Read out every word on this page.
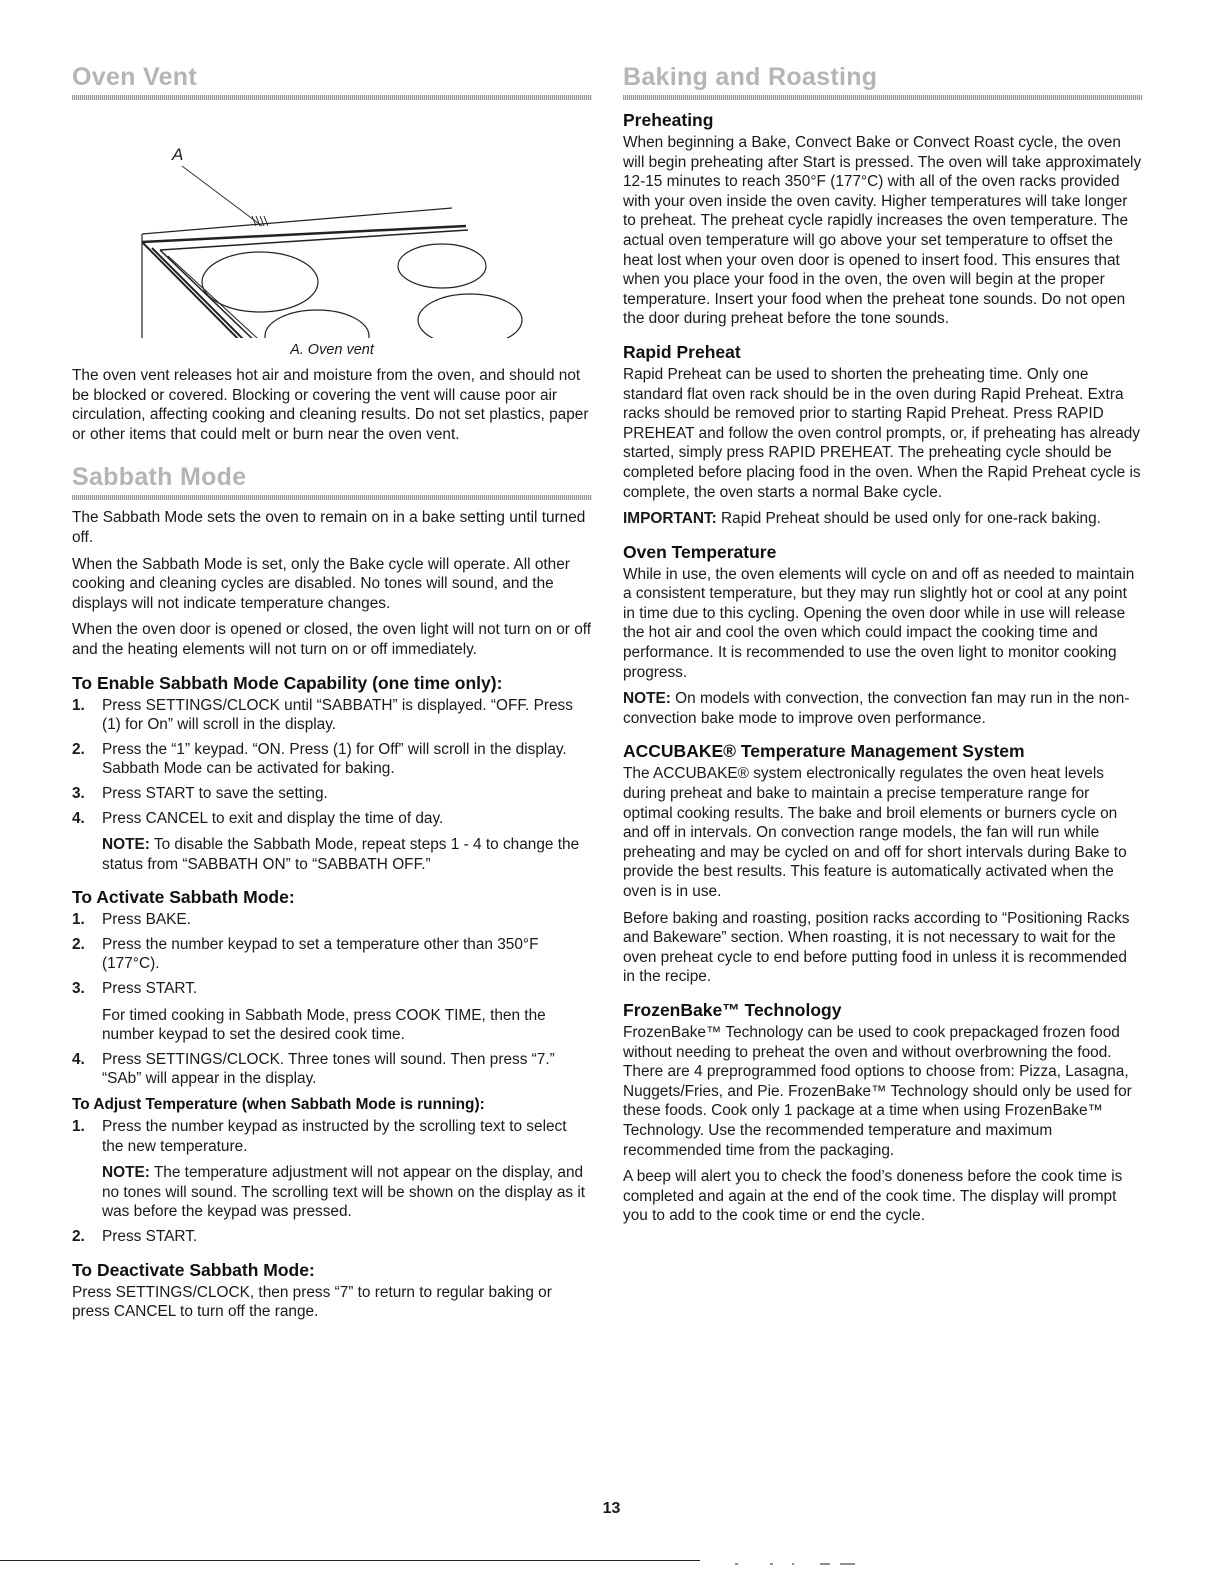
Oven Vent
A
A. Oven vent

The oven vent releases hot air and moisture from the oven, and should not be blocked or covered. Blocking or covering the vent will cause poor air circulation, affecting cooking and cleaning results. Do not set plastics, paper or other items that could melt or burn near the oven vent.

Sabbath Mode

The Sabbath Mode sets the oven to remain on in a bake setting until turned off.

When the Sabbath Mode is set, only the Bake cycle will operate. All other cooking and cleaning cycles are disabled. No tones will sound, and the displays will not indicate temperature changes.

When the oven door is opened or closed, the oven light will not turn on or off and the heating elements will not turn on or off immediately.

To Enable Sabbath Mode Capability (one time only):
1. Press SETTINGS/CLOCK until “SABBATH” is displayed. “OFF. Press (1) for On” will scroll in the display.

2. Press the “1” keypad. “ON. Press (1) for Off” will scroll in the display. Sabbath Mode can be activated for baking.

3. Press START to save the setting.

4. Press CANCEL to exit and display the time of day.

NOTE: To disable the Sabbath Mode, repeat steps 1 - 4 to change the status from “SABBATH ON” to “SABBATH OFF.”

To Activate Sabbath Mode:
1. Press BAKE.

2. Press the number keypad to set a temperature other than 350°F (177°C).

3. Press START.

For timed cooking in Sabbath Mode, press COOK TIME, then the number keypad to set the desired cook time.

4. Press SETTINGS/CLOCK. Three tones will sound. Then press “7.” “SAb” will appear in the display.

To Adjust Temperature (when Sabbath Mode is running):
1. Press the number keypad as instructed by the scrolling text to select the new temperature.

NOTE: The temperature adjustment will not appear on the display, and no tones will sound. The scrolling text will be shown on the display as it was before the keypad was pressed.

2. Press START.

To Deactivate Sabbath Mode:

Press SETTINGS/CLOCK, then press “7” to return to regular baking or press CANCEL to turn off the range.

Baking and Roasting
Preheating

When beginning a Bake, Convect Bake or Convect Roast cycle, the oven will begin preheating after Start is pressed. The oven will take approximately 12-15 minutes to reach 350°F (177°C) with all of the oven racks provided with your oven inside the oven cavity. Higher temperatures will take longer to preheat. The preheat cycle rapidly increases the oven temperature. The actual oven temperature will go above your set temperature to offset the heat lost when your oven door is opened to insert food. This ensures that when you place your food in the oven, the oven will begin at the proper temperature. Insert your food when the preheat tone sounds. Do not open the door during preheat before the tone sounds.

Rapid Preheat

Rapid Preheat can be used to shorten the preheating time. Only one standard flat oven rack should be in the oven during Rapid Preheat. Extra racks should be removed prior to starting Rapid Preheat. Press RAPID PREHEAT and follow the oven control prompts, or, if preheating has already started, simply press RAPID PREHEAT. The preheating cycle should be completed before placing food in the oven. When the Rapid Preheat cycle is complete, the oven starts a normal Bake cycle.

IMPORTANT: Rapid Preheat should be used only for one-rack baking.

Oven Temperature

While in use, the oven elements will cycle on and off as needed to maintain a consistent temperature, but they may run slightly hot or cool at any point in time due to this cycling. Opening the oven door while in use will release the hot air and cool the oven which could impact the cooking time and performance. It is recommended to use the oven light to monitor cooking progress.

NOTE: On models with convection, the convection fan may run in the non-convection bake mode to improve oven performance.

ACCUBAKE® Temperature Management System

The ACCUBAKE® system electronically regulates the oven heat levels during preheat and bake to maintain a precise temperature range for optimal cooking results. The bake and broil elements or burners cycle on and off in intervals. On convection range models, the fan will run while preheating and may be cycled on and off for short intervals during Bake to provide the best results. This feature is automatically activated when the oven is in use.

Before baking and roasting, position racks according to “Positioning Racks and Bakeware” section. When roasting, it is not necessary to wait for the oven preheat cycle to end before putting food in unless it is recommended in the recipe.

FrozenBake™ Technology

FrozenBake™ Technology can be used to cook prepackaged frozen food without needing to preheat the oven and without overbrowning the food. There are 4 preprogrammed food options to choose from: Pizza, Lasagna, Nuggets/Fries, and Pie. FrozenBake™ Technology should only be used for these foods. Cook only 1 package at a time when using FrozenBake™ Technology. Use the recommended temperature and maximum recommended time from the packaging.

A beep will alert you to check the food’s doneness before the cook time is completed and again at the end of the cook time. The display will prompt you to add to the cook time or end the cycle.

13
